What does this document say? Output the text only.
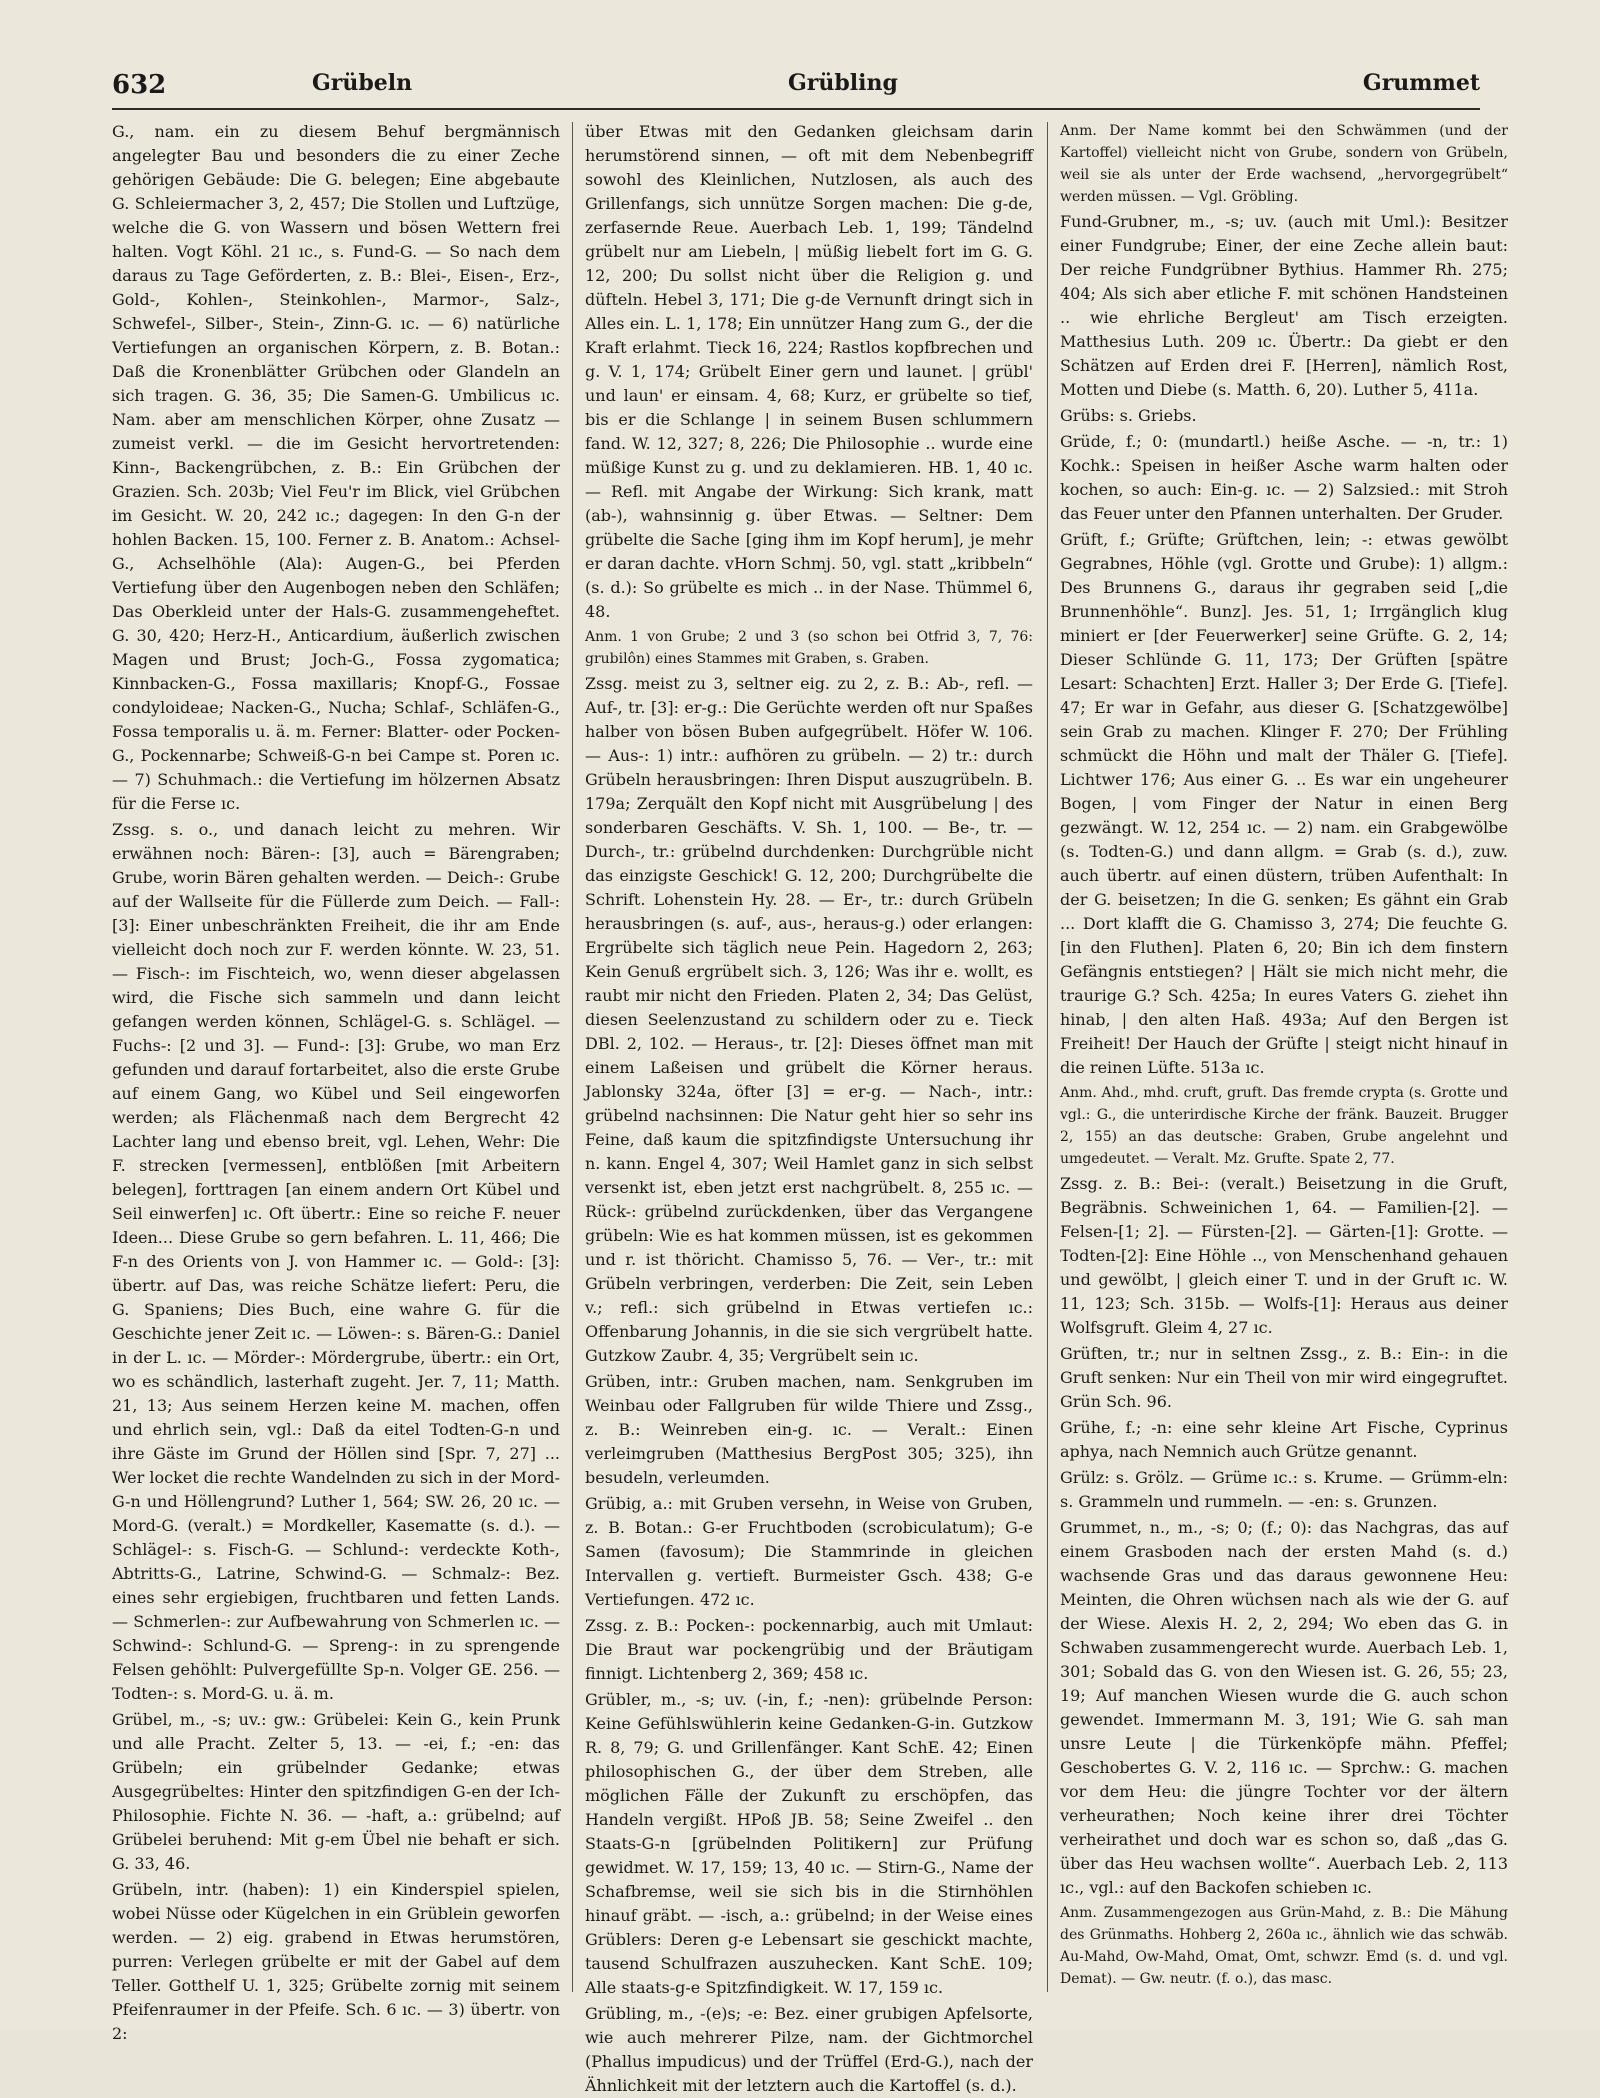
632	Grübeln	Grübling	Grummet

G., nam. ein zu diesem Behuf bergmännisch angelegter Bau und besonders die zu einer Zeche gehörigen Gebäude: Die G. belegen; Eine abgebaute G. Schleiermacher 3, 2, 457; Die Stollen und Luftzüge, welche die G. von Wassern und bösen Wettern frei halten. Vogt Köhl. 21 ıc., s. Fund-G. — So nach dem daraus zu Tage Geförderten, z. B.: Blei-, Eisen-, Erz-, Gold-, Kohlen-, Steinkohlen-, Marmor-, Salz-, Schwefel-, Silber-, Stein-, Zinn-G. ıc. — 6) natürliche Vertiefungen an organischen Körpern, z. B. Botan.: Daß die Kronenblätter Grübchen oder Glandeln an sich tragen. G. 36, 35; Die Samen-G. Umbilicus ıc. Nam. aber am menschlichen Körper, ohne Zusatz — zumeist verkl. — die im Gesicht hervortretenden: Kinn-, Backengrübchen, z. B.: Ein Grübchen der Grazien. Sch. 203b; Viel Feu'r im Blick, viel Grübchen im Gesicht. W. 20, 242 ıc.; dagegen: In den G-n der hohlen Backen. 15, 100. Ferner z. B. Anatom.: Achsel-G., Achselhöhle (Ala): Augen-G., bei Pferden Vertiefung über den Augenbogen neben den Schläfen; Das Oberkleid unter der Hals-G. zusammengeheftet. G. 30, 420; Herz-H., Anticardium, äußerlich zwischen Magen und Brust; Joch-G., Fossa zygomatica; Kinnbacken-G., Fossa maxillaris; Knopf-G., Fossae condyloideae; Nacken-G., Nucha; Schlaf-, Schläfen-G., Fossa temporalis u. ä. m. Ferner: Blatter- oder Pocken-G., Pockennarbe; Schweiß-G-n bei Campe st. Poren ıc. — 7) Schuhmach.: die Vertiefung im hölzernen Absatz für die Ferse ıc.

Zssg. s. o., und danach leicht zu mehren. Wir erwähnen noch: Bären-: [3], auch = Bärengraben; Grube, worin Bären gehalten werden. — Deich-: Grube auf der Wallseite für die Füllerde zum Deich. — Fall-: [3]: Einer unbeschränkten Freiheit, die ihr am Ende vielleicht doch noch zur F. werden könnte. W. 23, 51. — Fisch-: im Fischteich, wo, wenn dieser abgelassen wird, die Fische sich sammeln und dann leicht gefangen werden können, Schlägel-G. s. Schlägel. — Fuchs-: [2 und 3]. — Fund-: [3]: Grube, wo man Erz gefunden und darauf fortarbeitet, also die erste Grube auf einem Gang, wo Kübel und Seil eingeworfen werden; als Flächenmaß nach dem Bergrecht 42 Lachter lang und ebenso breit, vgl. Lehen, Wehr: Die F. strecken [vermessen], entblößen [mit Arbeitern belegen], forttragen [an einem andern Ort Kübel und Seil einwerfen] ıc. Oft übertr.: Eine so reiche F. neuer Ideen... Diese Grube so gern befahren. L. 11, 466; Die F-n des Orients von J. von Hammer ıc. — Gold-: [3]: übertr. auf Das, was reiche Schätze liefert: Peru, die G. Spaniens; Dies Buch, eine wahre G. für die Geschichte jener Zeit ıc. — Löwen-: s. Bären-G.: Daniel in der L. ıc. — Mörder-: Mördergrube, übertr.: ein Ort, wo es schändlich, lasterhaft zugeht. Jer. 7, 11; Matth. 21, 13; Aus seinem Herzen keine M. machen, offen und ehrlich sein, vgl.: Daß da eitel Todten-G-n und ihre Gäste im Grund der Höllen sind [Spr. 7, 27] ... Wer locket die rechte Wandelnden zu sich in der Mord-G-n und Höllengrund? Luther 1, 564; SW. 26, 20 ıc. — Mord-G. (veralt.) = Mordkeller, Kasematte (s. d.). — Schlägel-: s. Fisch-G. — Schlund-: verdeckte Koth-, Abtritts-G., Latrine, Schwind-G. — Schmalz-: Bez. eines sehr ergiebigen, fruchtbaren und fetten Lands. — Schmerlen-: zur Aufbewahrung von Schmerlen ıc. — Schwind-: Schlund-G. — Spreng-: in zu sprengende Felsen gehöhlt: Pulvergefüllte Sp-n. Volger GE. 256. — Todten-: s. Mord-G. u. ä. m.

Grübel, m., -s; uv.: gw.: Grübelei: Kein G., kein Prunk und alle Pracht. Zelter 5, 13. — -ei, f.; -en: das Grübeln; ein grübelnder Gedanke; etwas Ausgegrübeltes: Hinter den spitzfindigen G-en der Ich-Philosophie. Fichte N. 36. — -haft, a.: grübelnd; auf Grübelei beruhend: Mit g-em Übel nie behaft er sich. G. 33, 46.

Grübeln, intr. (haben): 1) ein Kinderspiel spielen, wobei Nüsse oder Kügelchen in ein Grüblein geworfen werden. — 2) eig. grabend in Etwas herumstören, purren: Verlegen grübelte er mit der Gabel auf dem Teller. Gotthelf U. 1, 325; Grübelte zornig mit seinem Pfeifenraumer in der Pfeife. Sch. 6 ıc. — 3) übertr. von 2:

über Etwas mit den Gedanken gleichsam darin herumstörend sinnen, — oft mit dem Nebenbegriff sowohl des Kleinlichen, Nutzlosen, als auch des Grillenfangs, sich unnütze Sorgen machen: Die g-de, zerfasernde Reue. Auerbach Leb. 1, 199; Tändelnd grübelt nur am Liebeln, | müßig liebelt fort im G. G. 12, 200; Du sollst nicht über die Religion g. und düfteln. Hebel 3, 171; Die g-de Vernunft dringt sich in Alles ein. L. 1, 178; Ein unnützer Hang zum G., der die Kraft erlahmt. Tieck 16, 224; Rastlos kopfbrechen und g. V. 1, 174; Grübelt Einer gern und launet. | grübl' und laun' er einsam. 4, 68; Kurz, er grübelte so tief, bis er die Schlange | in seinem Busen schlummern fand. W. 12, 327; 8, 226; Die Philosophie .. wurde eine müßige Kunst zu g. und zu deklamieren. HB. 1, 40 ıc. — Refl. mit Angabe der Wirkung: Sich krank, matt (ab-), wahnsinnig g. über Etwas. — Seltner: Dem grübelte die Sache [ging ihm im Kopf herum], je mehr er daran dachte. vHorn Schmj. 50, vgl. statt „kribbeln“ (s. d.): So grübelte es mich .. in der Nase. Thümmel 6, 48.

Anm. 1 von Grube; 2 und 3 (so schon bei Otfrid 3, 7, 76: grubilôn) eines Stammes mit Graben, s. Graben.

Zssg. meist zu 3, seltner eig. zu 2, z. B.: Ab-, refl. — Auf-, tr. [3]: er-g.: Die Gerüchte werden oft nur Spaßes halber von bösen Buben aufgegrübelt. Höfer W. 106. — Aus-: 1) intr.: aufhören zu grübeln. — 2) tr.: durch Grübeln herausbringen: Ihren Disput auszugrübeln. B. 179a; Zerquält den Kopf nicht mit Ausgrübelung | des sonderbaren Geschäfts. V. Sh. 1, 100. — Be-, tr. — Durch-, tr.: grübelnd durchdenken: Durchgrüble nicht das einzigste Geschick! G. 12, 200; Durchgrübelte die Schrift. Lohenstein Hy. 28. — Er-, tr.: durch Grübeln herausbringen (s. auf-, aus-, heraus-g.) oder erlangen: Ergrübelte sich täglich neue Pein. Hagedorn 2, 263; Kein Genuß ergrübelt sich. 3, 126; Was ihr e. wollt, es raubt mir nicht den Frieden. Platen 2, 34; Das Gelüst, diesen Seelenzustand zu schildern oder zu e. Tieck DBl. 2, 102. — Heraus-, tr. [2]: Dieses öffnet man mit einem Laßeisen und grübelt die Körner heraus. Jablonsky 324a, öfter [3] = er-g. — Nach-, intr.: grübelnd nachsinnen: Die Natur geht hier so sehr ins Feine, daß kaum die spitzfindigste Untersuchung ihr n. kann. Engel 4, 307; Weil Hamlet ganz in sich selbst versenkt ist, eben jetzt erst nachgrübelt. 8, 255 ıc. — Rück-: grübelnd zurückdenken, über das Vergangene grübeln: Wie es hat kommen müssen, ist es gekommen und r. ist thöricht. Chamisso 5, 76. — Ver-, tr.: mit Grübeln verbringen, verderben: Die Zeit, sein Leben v.; refl.: sich grübelnd in Etwas vertiefen ıc.: Offenbarung Johannis, in die sie sich vergrübelt hatte. Gutzkow Zaubr. 4, 35; Vergrübelt sein ıc.

Grüben, intr.: Gruben machen, nam. Senkgruben im Weinbau oder Fallgruben für wilde Thiere und Zssg., z. B.: Weinreben ein-g. ıc. — Veralt.: Einen verleimgruben (Matthesius BergPost 305; 325), ihn besudeln, verleumden.

Grübig, a.: mit Gruben versehn, in Weise von Gruben, z. B. Botan.: G-er Fruchtboden (scrobiculatum); G-e Samen (favosum); Die Stammrinde in gleichen Intervallen g. vertieft. Burmeister Gsch. 438; G-e Vertiefungen. 472 ıc.

Zssg. z. B.: Pocken-: pockennarbig, auch mit Umlaut: Die Braut war pockengrübig und der Bräutigam finnigt. Lichtenberg 2, 369; 458 ıc.

Grübler, m., -s; uv. (-in, f.; -nen): grübelnde Person: Keine Gefühlswühlerin keine Gedanken-G-in. Gutzkow R. 8, 79; G. und Grillenfänger. Kant SchE. 42; Einen philosophischen G., der über dem Streben, alle möglichen Fälle der Zukunft zu erschöpfen, das Handeln vergißt. HPoß JB. 58; Seine Zweifel .. den Staats-G-n [grübelnden Politikern] zur Prüfung gewidmet. W. 17, 159; 13, 40 ıc. — Stirn-G., Name der Schafbremse, weil sie sich bis in die Stirnhöhlen hinauf gräbt. — -isch, a.: grübelnd; in der Weise eines Grüblers: Deren g-e Lebensart sie geschickt machte, tausend Schulfrazen auszuhecken. Kant SchE. 109; Alle staats-g-e Spitzfindigkeit. W. 17, 159 ıc.

Grübling, m., -(e)s; -e: Bez. einer grubigen Apfelsorte, wie auch mehrerer Pilze, nam. der Gichtmorchel (Phallus impudicus) und der Trüffel (Erd-G.), nach der Ähnlichkeit mit der letztern auch die Kartoffel (s. d.).

Anm. Der Name kommt bei den Schwämmen (und der Kartoffel) vielleicht nicht von Grube, sondern von Grübeln, weil sie als unter der Erde wachsend, „hervorgegrübelt“ werden müssen. — Vgl. Gröbling.

Fund-Grubner, m., -s; uv. (auch mit Uml.): Besitzer einer Fundgrube; Einer, der eine Zeche allein baut: Der reiche Fundgrübner Bythius. Hammer Rh. 275; 404; Als sich aber etliche F. mit schönen Handsteinen .. wie ehrliche Bergleut' am Tisch erzeigten. Matthesius Luth. 209 ıc. Übertr.: Da giebt er den Schätzen auf Erden drei F. [Herren], nämlich Rost, Motten und Diebe (s. Matth. 6, 20). Luther 5, 411a.

Grübs: s. Griebs.

Grüde, f.; 0: (mundartl.) heiße Asche. — -n, tr.: 1) Kochk.: Speisen in heißer Asche warm halten oder kochen, so auch: Ein-g. ıc. — 2) Salzsied.: mit Stroh das Feuer unter den Pfannen unterhalten. Der Gruder.

Grüft, f.; Grüfte; Grüftchen, lein; -: etwas gewölbt Gegrabnes, Höhle (vgl. Grotte und Grube): 1) allgm.: Des Brunnens G., daraus ihr gegraben seid [„die Brunnenhöhle“. Bunz]. Jes. 51, 1; Irrgänglich klug miniert er [der Feuerwerker] seine Grüfte. G. 2, 14; Dieser Schlünde G. 11, 173; Der Grüften [spätre Lesart: Schachten] Erzt. Haller 3; Der Erde G. [Tiefe]. 47; Er war in Gefahr, aus dieser G. [Schatzgewölbe] sein Grab zu machen. Klinger F. 270; Der Frühling schmückt die Höhn und malt der Thäler G. [Tiefe]. Lichtwer 176; Aus einer G. .. Es war ein ungeheurer Bogen, | vom Finger der Natur in einen Berg gezwängt. W. 12, 254 ıc. — 2) nam. ein Grabgewölbe (s. Todten-G.) und dann allgm. = Grab (s. d.), zuw. auch übertr. auf einen düstern, trüben Aufenthalt: In der G. beisetzen; In die G. senken; Es gähnt ein Grab ... Dort klafft die G. Chamisso 3, 274; Die feuchte G. [in den Fluthen]. Platen 6, 20; Bin ich dem finstern Gefängnis entstiegen? | Hält sie mich nicht mehr, die traurige G.? Sch. 425a; In eures Vaters G. ziehet ihn hinab, | den alten Haß. 493a; Auf den Bergen ist Freiheit! Der Hauch der Grüfte | steigt nicht hinauf in die reinen Lüfte. 513a ıc.

Anm. Ahd., mhd. cruft, gruft. Das fremde crypta (s. Grotte und vgl.: G., die unterirdische Kirche der fränk. Bauzeit. Brugger 2, 155) an das deutsche: Graben, Grube angelehnt und umgedeutet. — Veralt. Mz. Grufte. Spate 2, 77.

Zssg. z. B.: Bei-: (veralt.) Beisetzung in die Gruft, Begräbnis. Schweinichen 1, 64. — Familien-[2]. — Felsen-[1; 2]. — Fürsten-[2]. — Gärten-[1]: Grotte. — Todten-[2]: Eine Höhle .., von Menschenhand gehauen und gewölbt, | gleich einer T. und in der Gruft ıc. W. 11, 123; Sch. 315b. — Wolfs-[1]: Heraus aus deiner Wolfsgruft. Gleim 4, 27 ıc.

Grüften, tr.; nur in seltnen Zssg., z. B.: Ein-: in die Gruft senken: Nur ein Theil von mir wird eingegruftet. Grün Sch. 96.

Grühe, f.; -n: eine sehr kleine Art Fische, Cyprinus aphya, nach Nemnich auch Grütze genannt.

Grülz: s. Grölz. — Grüme ıc.: s. Krume. — Grümm-eln: s. Grammeln und rummeln. — -en: s. Grunzen.

Grummet, n., m., -s; 0; (f.; 0): das Nachgras, das auf einem Grasboden nach der ersten Mahd (s. d.) wachsende Gras und das daraus gewonnene Heu: Meinten, die Ohren wüchsen nach als wie der G. auf der Wiese. Alexis H. 2, 2, 294; Wo eben das G. in Schwaben zusammengerecht wurde. Auerbach Leb. 1, 301; Sobald das G. von den Wiesen ist. G. 26, 55; 23, 19; Auf manchen Wiesen wurde die G. auch schon gewendet. Immermann M. 3, 191; Wie G. sah man unsre Leute | die Türkenköpfe mähn. Pfeffel; Geschobertes G. V. 2, 116 ıc. — Sprchw.: G. machen vor dem Heu: die jüngre Tochter vor der ältern verheurathen; Noch keine ihrer drei Töchter verheirathet und doch war es schon so, daß „das G. über das Heu wachsen wollte“. Auerbach Leb. 2, 113 ıc., vgl.: auf den Backofen schieben ıc.

Anm. Zusammengezogen aus Grün-Mahd, z. B.: Die Mähung des Grünmaths. Hohberg 2, 260a ıc., ähnlich wie das schwäb. Au-Mahd, Ow-Mahd, Omat, Omt, schwzr. Emd (s. d. und vgl. Demat). — Gw. neutr. (f. o.), das masc.
